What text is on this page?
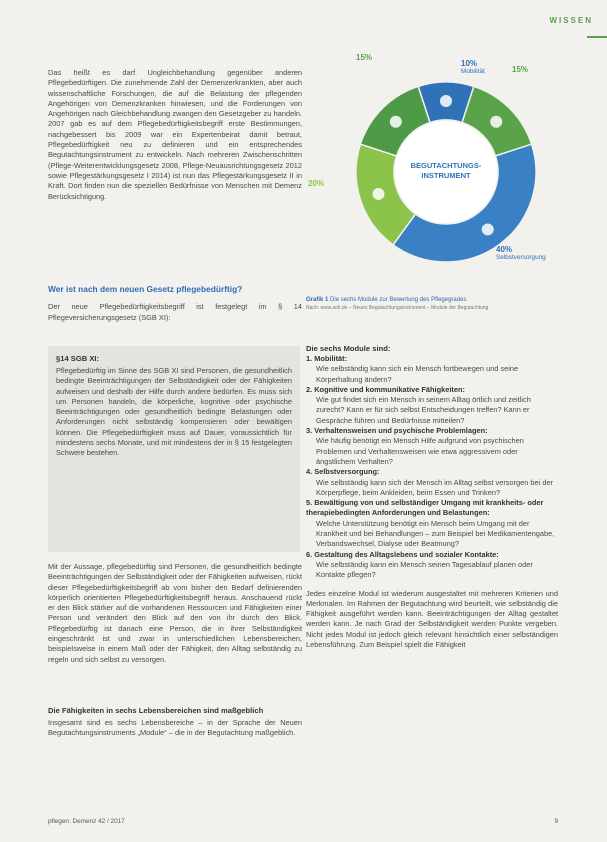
WISSEN

Das heißt es darf Ungleichbehandlung gegenüber anderen Pflegebedürftigen. Die zunehmende Zahl der Demenzerkrankten, aber auch wissenschaftliche Forschungen, die auf die Belastung der pflegenden Angehörigen von Demenzkranken hinwiesen, und die Forderungen von Angehörigen nach Gleichbehandlung zwangen den Gesetzgeber zu handeln. 2007 gab es auf dem Pflegebedürftigkeitsbegriff erste Bestimmungen, nachgebessert bis 2009 war ein Expertenbeirat damit betraut, Pflegebedürftigkeit neu zu definieren und ein entsprechendes Begutachtungsinstrument zu entwickeln. Nach mehreren Zwischenschritten (Pflege-Weiterentwicklungsgesetz 2008, Pflege-Neuausrichtungsgesetz 2012 sowie Pflegestärkungsgesetz I 2014) ist nun das Pflegestärkungsgesetz II in Kraft. Dort finden nun die speziellen Bedürfnisse von Menschen mit Demenz Berücksichtigung.

Wer ist nach dem neuen Gesetz pflegebedürftig?

Der neue Pflegebedürftigkeitsbegriff ist festgelegt im § 14 Pflegeversicherungsgesetz (SGB XI):

§14 SGB XI:

Pflegebedürftig im Sinne des SGB XI sind Personen, die gesundheitlich bedingte Beeinträchtigungen der Selbständigkeit oder der Fähigkeiten aufweisen und deshalb der Hilfe durch andere bedürfen. Es muss sich um Personen handeln, die körperliche, kognitive oder psychische Beeinträchtigungen oder gesundheitlich bedingte Belastungen oder Anforderungen nicht selbständig kompensieren oder bewältigen können. Die Pflegebedürftigkeit muss auf Dauer, voraussichtlich für mindestens sechs Monate, und mit mindestens der in § 15 festgelegten Schwere bestehen.

Mit der Aussage, pflegebedürftig sind Personen, die gesundheitlich bedingte Beeinträchtigungen der Selbständigkeit oder der Fähigkeiten aufweisen, rückt dieser Pflegebedürftigkeitsbegriff ab vom bisher den Bedarf definierenden körperlich orientierten Pflegebedürftigkeitsbegriff heraus. Anschauend rückt er den Blick stärker auf die vorhandenen Ressourcen und Fähigkeiten einer Person und verändert den Blick auf den von ihr durch den Blick. Pflegebedürftig ist danach eine Person, die in ihrer Selbständigkeit eingeschränkt ist und zwar in unterschiedlichen Lebensbereichen, beispielsweise in einem Maß oder der Fähigkeit, den Alltag selbständig zu regeln und sich selbst zu versorgen.

Die Fähigkeiten in sechs Lebensbereichen sind maßgeblich

Insgesamt sind es sechs Lebensbereiche – in der Sprache der Neuen Begutachtungsinstruments „Module“ – die in der Begutachtung maßgeblich.

BEGUTACHTUNGS-INSTRUMENT
15%
10%
Mobilität	15%
20%
40%
Selbstversorgung
Grafik 1 Die sechs Module zur Bewertung des Pflegegrades
Nach: www.aok.de – Neues Begutachtungsinstrument – Module der Begutachtung

Die sechs Module sind:

1. Mobilität:
Wie selbständig kann sich ein Mensch fortbewegen und seine Körperhaltung ändern?
2. Kognitive und kommunikative Fähigkeiten:
Wie gut findet sich ein Mensch in seinem Alltag örtlich und zeitlich zurecht? Kann er für sich selbst Entscheidungen treffen? Kann er Gespräche führen und Bedürfnisse mitteilen?
3. Verhaltensweisen und psychische Problemlagen:
Wie häufig benötigt ein Mensch Hilfe aufgrund von psychischen Problemen und Verhaltensweisen wie etwa aggressivem oder ängstlichem Verhalten?
4. Selbstversorgung:
Wie selbständig kann sich der Mensch im Alltag selbst versorgen bei der Körperpflege, beim Ankleiden, beim Essen und Trinken?
5. Bewältigung von und selbständiger Umgang mit krankheits- oder therapiebedingten Anforderungen und Belastungen:
Welche Unterstützung benötigt ein Mensch beim Umgang mit der Krankheit und bei Behandlungen – zum Beispiel bei Medikamentengabe, Verbandswechsel, Dialyse oder Beatmung?
6. Gestaltung des Alltagslebens und sozialer Kontakte:
Wie selbständig kann ein Mensch seinen Tagesablauf planen oder Kontakte pflegen?

Jedes einzelne Modul ist wiederum ausgestaltet mit mehreren Kriterien und Merkmalen. Im Rahmen der Begutachtung wird beurteilt, wie selbständig die Fähigkeit ausgeführt werden kann. Beeinträchtigungen der Alltag gestaltet werden kann. Je nach Grad der Selbständigkeit werden Punkte vergeben. Nicht jedes Modul ist jedoch gleich relevant hinsichtlich einer selbständigen Lebensführung. Zum Beispiel spielt die Fähigkeit

pflegen: Demenz 42 / 2017	9
